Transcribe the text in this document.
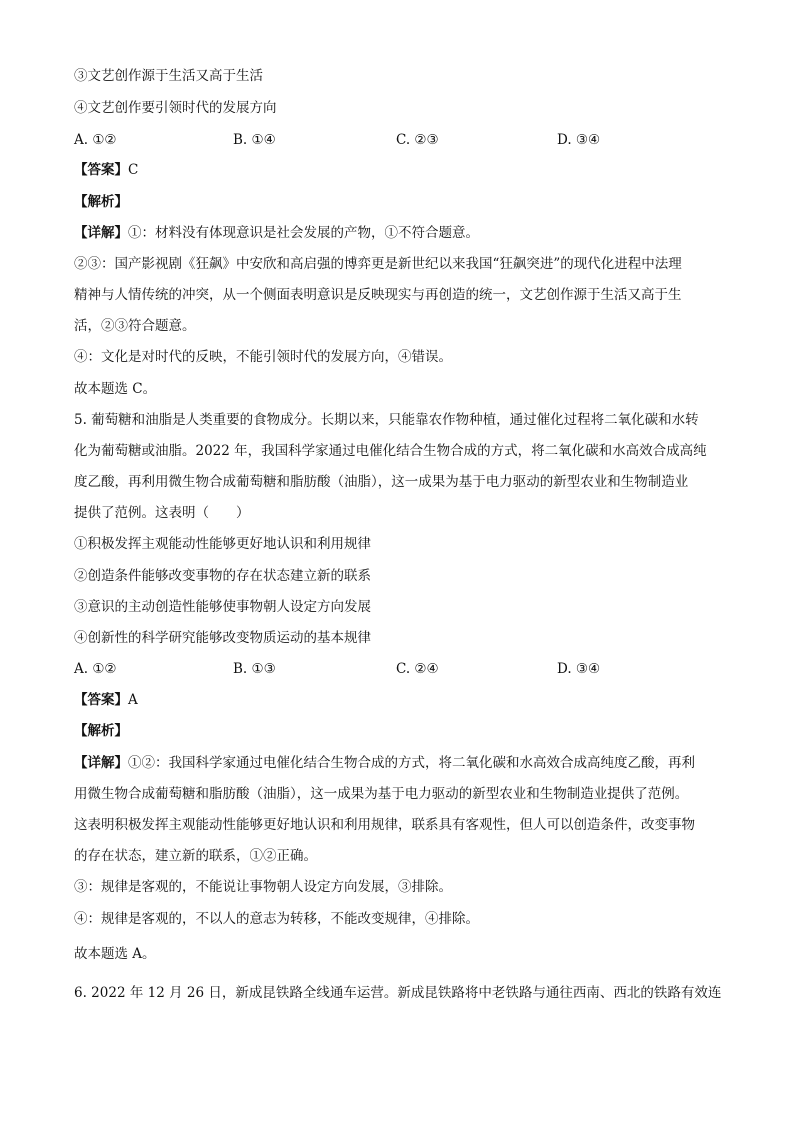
③文艺创作源于生活又高于生活
④文艺创作要引领时代的发展方向
A. ①②	B. ①④	C. ②③	D. ③④
【答案】C
【解析】
【详解】①：材料没有体现意识是社会发展的产物，①不符合题意。
②③：国产影视剧《狂飙》中安欣和高启强的博弈更是新世纪以来我国“狂飙突进”的现代化进程中法理
精神与人情传统的冲突，从一个侧面表明意识是反映现实与再创造的统一，文艺创作源于生活又高于生
活，②③符合题意。
④：文化是对时代的反映，不能引领时代的发展方向，④错误。
故本题选 C。
5. 葡萄糖和油脂是人类重要的食物成分。长期以来，只能靠农作物种植，通过催化过程将二氧化碳和水转
化为葡萄糖或油脂。2022 年，我国科学家通过电催化结合生物合成的方式，将二氧化碳和水高效合成高纯
度乙酸，再利用微生物合成葡萄糖和脂肪酸（油脂），这一成果为基于电力驱动的新型农业和生物制造业
提供了范例。这表明（　　）
①积极发挥主观能动性能够更好地认识和利用规律
②创造条件能够改变事物的存在状态建立新的联系
③意识的主动创造性能够使事物朝人设定方向发展
④创新性的科学研究能够改变物质运动的基本规律
A. ①②	B. ①③	C. ②④	D. ③④
【答案】A
【解析】
【详解】①②：我国科学家通过电催化结合生物合成的方式，将二氧化碳和水高效合成高纯度乙酸，再利
用微生物合成葡萄糖和脂肪酸（油脂），这一成果为基于电力驱动的新型农业和生物制造业提供了范例。
这表明积极发挥主观能动性能够更好地认识和利用规律，联系具有客观性，但人可以创造条件，改变事物
的存在状态，建立新的联系，①②正确。
③：规律是客观的，不能说让事物朝人设定方向发展，③排除。
④：规律是客观的，不以人的意志为转移，不能改变规律，④排除。
故本题选 A。
6. 2022 年 12 月 26 日，新成昆铁路全线通车运营。新成昆铁路将中老铁路与通往西南、西北的铁路有效连
